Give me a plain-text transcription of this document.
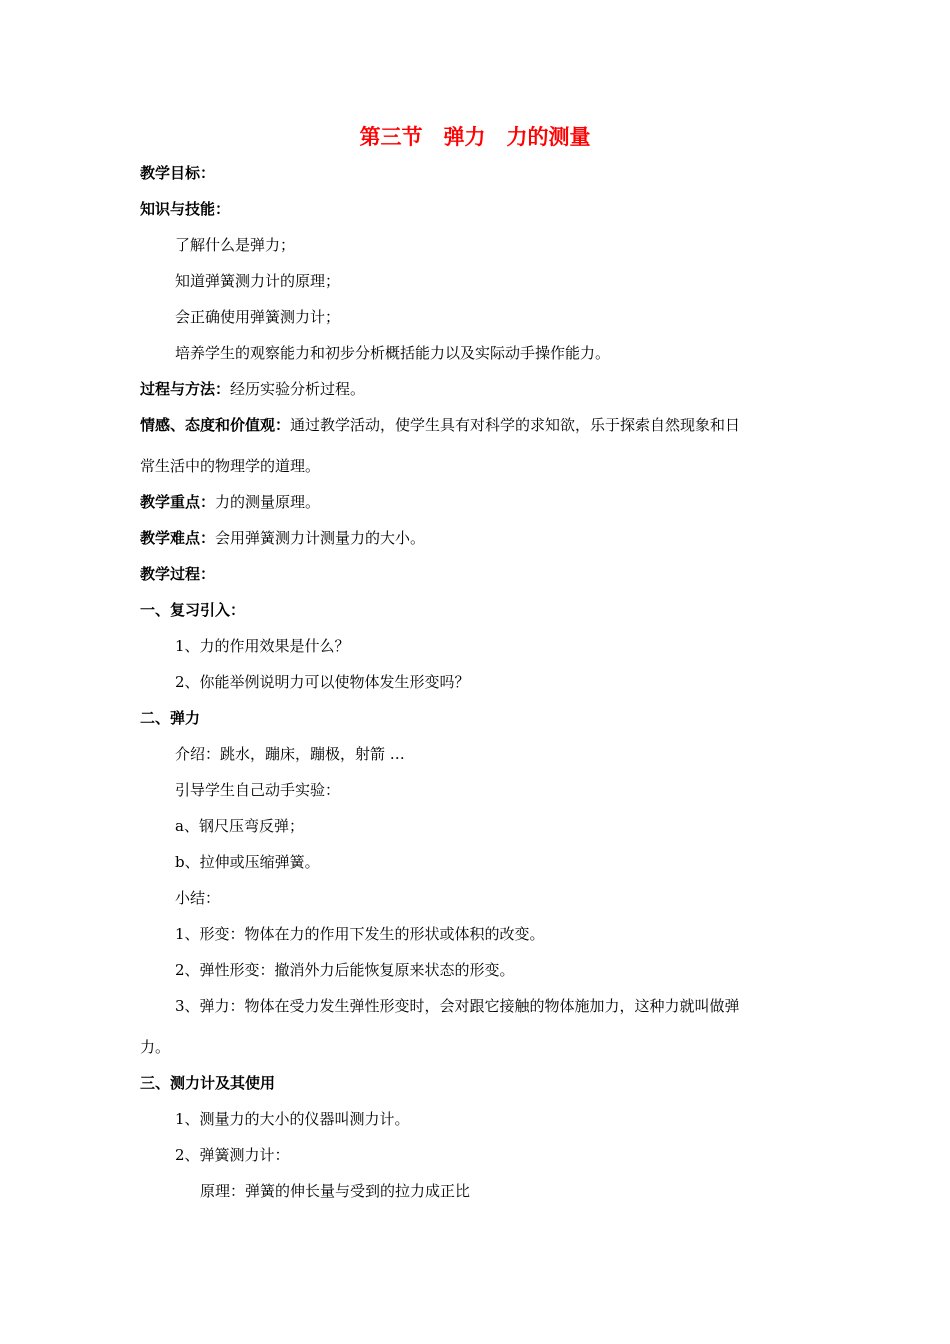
第三节　弹力　力的测量
教学目标：
知识与技能：
了解什么是弹力；
知道弹簧测力计的原理；
会正确使用弹簧测力计；
培养学生的观察能力和初步分析概括能力以及实际动手操作能力。
过程与方法：经历实验分析过程。
情感、态度和价值观：通过教学活动，使学生具有对科学的求知欲，乐于探索自然现象和日
常生活中的物理学的道理。
教学重点：力的测量原理。
教学难点：会用弹簧测力计测量力的大小。
教学过程：
一、复习引入：
1、力的作用效果是什么？
2、你能举例说明力可以使物体发生形变吗？
二、弹力
介绍：跳水，蹦床，蹦极，射箭 …
引导学生自己动手实验：
a、钢尺压弯反弹；
b、拉伸或压缩弹簧。
小结：
1、形变：物体在力的作用下发生的形状或体积的改变。
2、弹性形变：撤消外力后能恢复原来状态的形变。
3、弹力：物体在受力发生弹性形变时，会对跟它接触的物体施加力，这种力就叫做弹
力。
三、测力计及其使用
1、测量力的大小的仪器叫测力计。
2、弹簧测力计：
原理：弹簧的伸长量与受到的拉力成正比
